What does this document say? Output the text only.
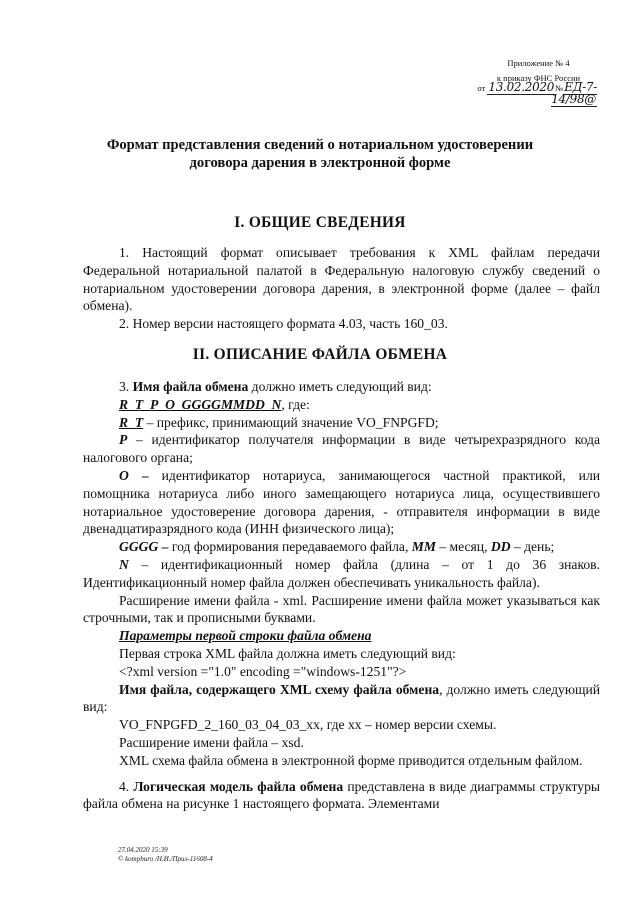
Приложение № 4
к приказу ФНС России
от 13.02.2020№ЕД-7-14/98@
Формат представления сведений о нотариальном удостоверении
договора дарения в электронной форме
I. ОБЩИЕ СВЕДЕНИЯ

1. Настоящий формат описывает требования к XML файлам передачи Федеральной нотариальной палатой в Федеральную налоговую службу сведений о нотариальном удостоверении договора дарения, в электронной форме (далее – файл обмена).

2. Номер версии настоящего формата 4.03, часть 160_03.

II. ОПИСАНИЕ ФАЙЛА ОБМЕНА

3. Имя файла обмена должно иметь следующий вид:

R_T_P_O_GGGGMMDD_N, где:

R_T – префикс, принимающий значение VO_FNPGFD;

P – идентификатор получателя информации в виде четырехразрядного кода налогового органа;

O – идентификатор нотариуса, занимающегося частной практикой, или помощника нотариуса либо иного замещающего нотариуса лица, осуществившего нотариальное удостоверение договора дарения, - отправителя информации в виде двенадцатиразрядного кода (ИНН физического лица);

GGGG – год формирования передаваемого файла, MM – месяц, DD – день;

N – идентификационный номер файла (длина – от 1 до 36 знаков. Идентификационный номер файла должен обеспечивать уникальность файла).

Расширение имени файла - xml. Расширение имени файла может указываться как строчными, так и прописными буквами.

Параметры первой строки файла обмена

Первая строка XML файла должна иметь следующий вид:

<?xml version ="1.0" encoding ="windows-1251"?>

Имя файла, содержащего XML схему файла обмена, должно иметь следующий вид:

VO_FNPGFD_2_160_03_04_03_xx, где xx – номер версии схемы.

Расширение имени файла – xsd.

XML схема файла обмена в электронной форме приводится отдельным файлом.

4. Логическая модель файла обмена представлена в виде диаграммы структуры файла обмена на рисунке 1 настоящего формата. Элементами

27.04.2020 15:39
© kompburo /Н.И./Прил-11608-4
